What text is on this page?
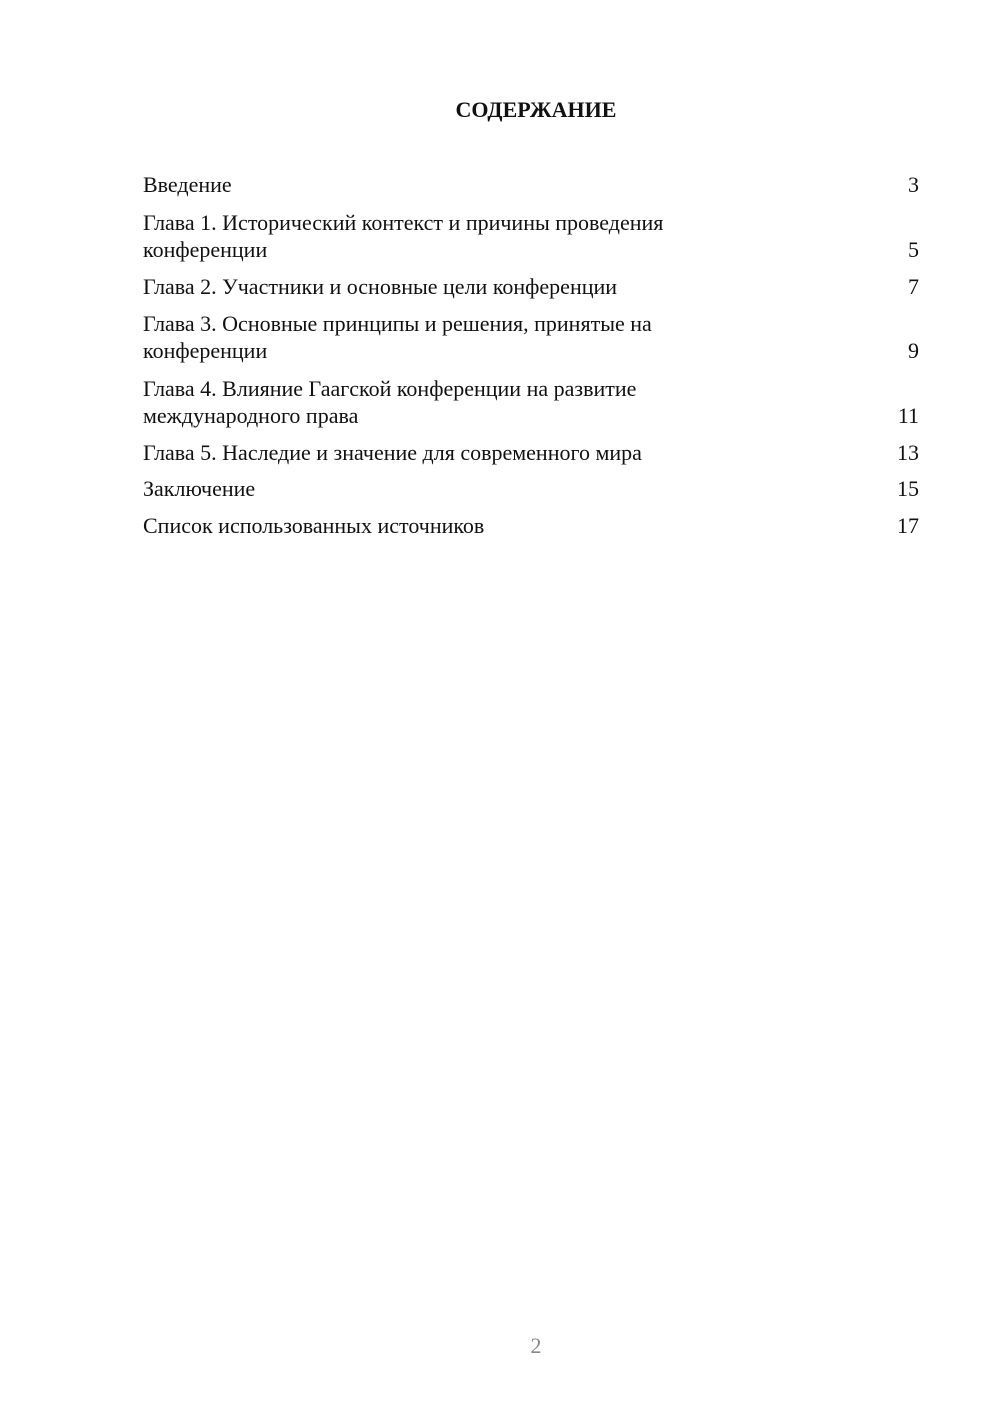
СОДЕРЖАНИЕ
Введение	3
Глава 1. Исторический контекст и причины проведения
конференции	5
Глава 2. Участники и основные цели конференции	7
Глава 3. Основные принципы и решения, принятые на
конференции	9
Глава 4. Влияние Гаагской конференции на развитие
международного права	11
Глава 5. Наследие и значение для современного мира	13
Заключение	15
Список использованных источников	17
2
